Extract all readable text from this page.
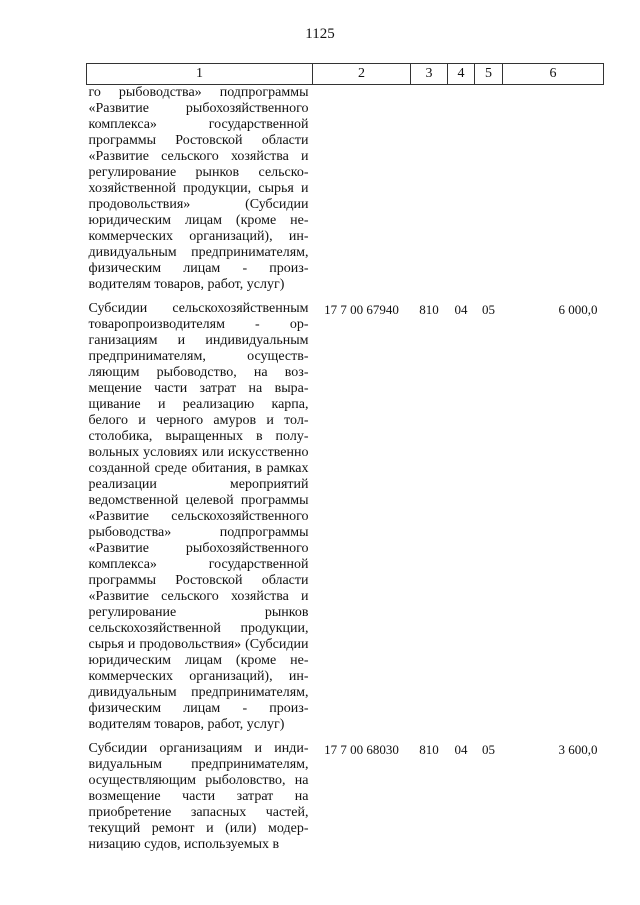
1125
1	2	3	4	5	6
го рыбоводства» подпрограммы «Развитие рыбохозяйственного комплекса» государственной программы Ростовской области «Развитие сельского хозяйства и регулирование рынков сельскохозяйственной продукции, сырья и продовольствия» (Субсидии юридическим лицам (кроме некоммерческих организаций), индивидуальным предпринимателям, физическим лицам - производителям товаров, работ, услуг)					
Субсидии сельскохозяйственным товаропроизводителям - организациям и индивидуальным предпринимателям, осуществляющим рыбоводство, на возмещение части затрат на выращивание и реализацию карпа, белого и черного амуров и толстолобика, выращенных в полувольных условиях или искусственно созданной среде обитания, в рамках реализации мероприятий ведомственной целевой программы «Развитие сельскохозяйственного рыбоводства» подпрограммы «Развитие рыбохозяйственного комплекса» государственной программы Ростовской области «Развитие сельского хозяйства и регулирование рынков сельскохозяйственной продукции, сырья и продовольствия» (Субсидии юридическим лицам (кроме некоммерческих организаций), индивидуальным предпринимателям, физическим лицам - производителям товаров, работ, услуг)	17 7 00 67940	810	04	05	6 000,0
Субсидии организациям и индивидуальным предпринимателям, осуществляющим рыболовство, на возмещение части затрат на приобретение запасных частей, текущий ремонт и (или) модернизацию судов, используемых в	17 7 00 68030	810	04	05	3 600,0
